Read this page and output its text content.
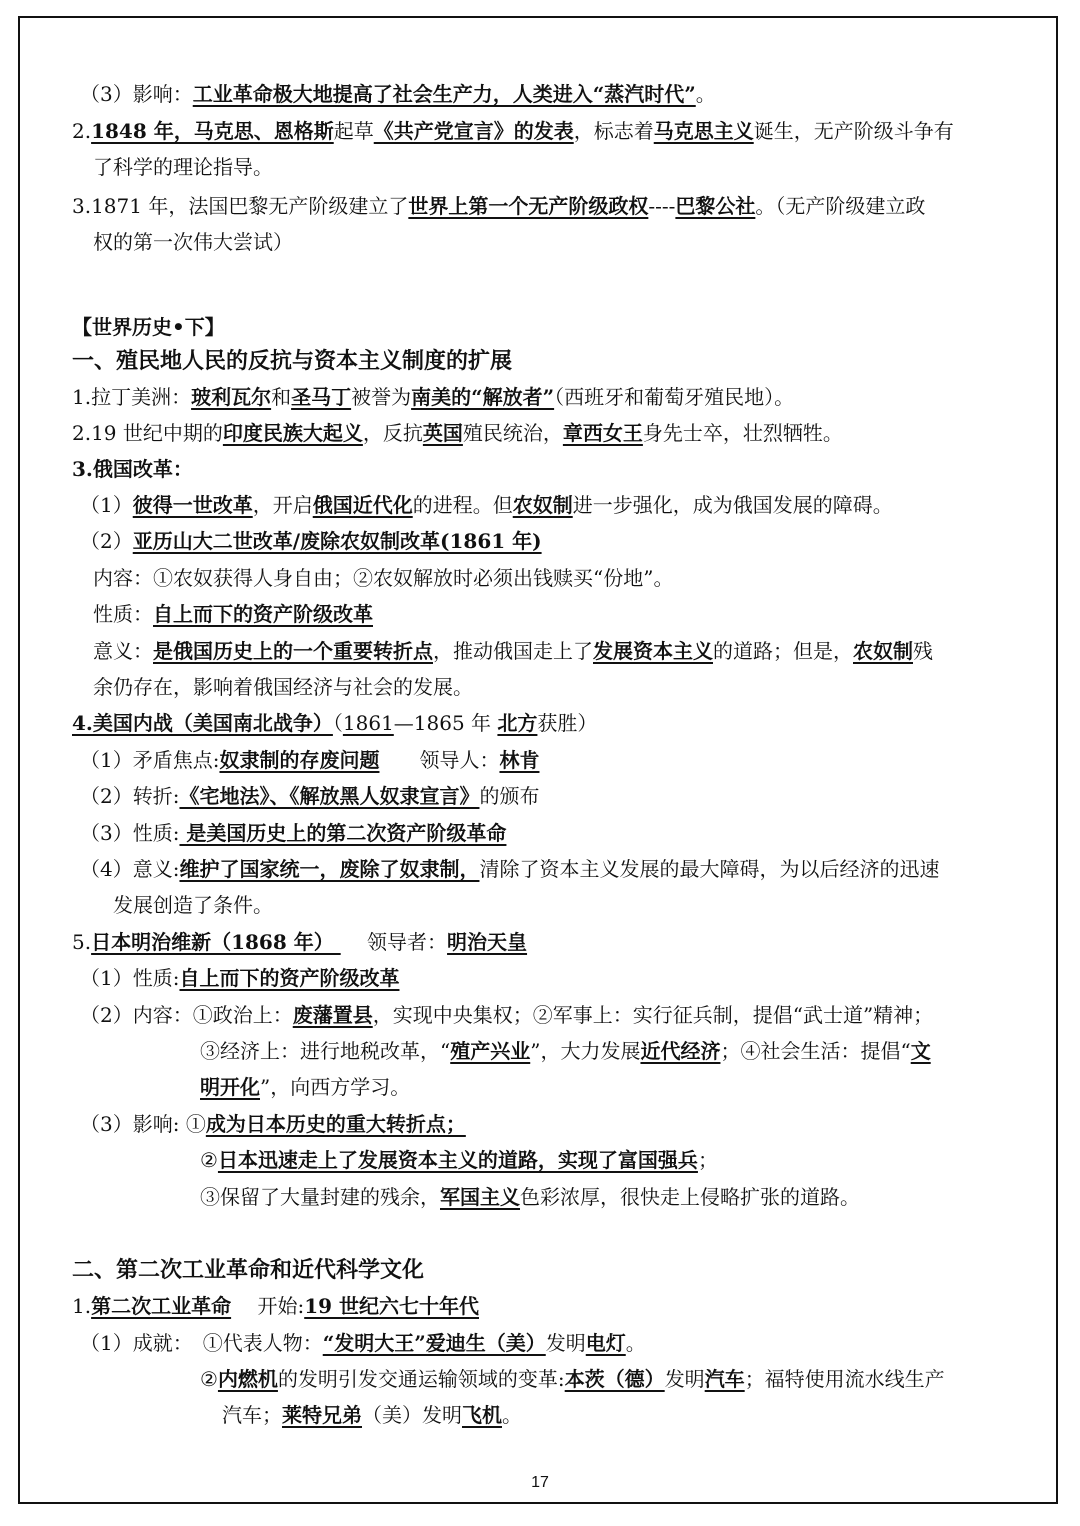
（3）影响：工业革命极大地提高了社会生产力，人类进入“蒸汽时代”。
2.1848 年，马克思、恩格斯起草《共产党宣言》的发表，标志着马克思主义诞生，无产阶级斗争有
了科学的理论指导。
3.1871 年，法国巴黎无产阶级建立了世界上第一个无产阶级政权----巴黎公社。（无产阶级建立政
权的第一次伟大尝试）
【世界历史•下】
一、殖民地人民的反抗与资本主义制度的扩展
1.拉丁美洲：玻利瓦尔和圣马丁被誉为南美的“解放者”（西班牙和葡萄牙殖民地）。
2.19 世纪中期的印度民族大起义，反抗英国殖民统治，章西女王身先士卒，壮烈牺牲。
3.俄国改革：
（1）彼得一世改革，开启俄国近代化的进程。但农奴制进一步强化，成为俄国发展的障碍。
（2）亚历山大二世改革/废除农奴制改革(1861 年)
内容：①农奴获得人身自由；②农奴解放时必须出钱赎买“份地”。
性质：自上而下的资产阶级改革
意义：是俄国历史上的一个重要转折点，推动俄国走上了发展资本主义的道路；但是，农奴制残
余仍存在，影响着俄国经济与社会的发展。
4.美国内战（美国南北战争）（1861—1865 年 北方获胜）
（1）矛盾焦点:奴隶制的存废问题　　领导人：林肯
（2）转折:《宅地法》、《解放黑人奴隶宣言》的颁布
（3）性质: 是美国历史上的第二次资产阶级革命
（4）意义:维护了国家统一，废除了奴隶制，清除了资本主义发展的最大障碍，为以后经济的迅速
发展创造了条件。
5.日本明治维新（1868 年） 　 领导者：明治天皇
（1）性质:自上而下的资产阶级改革
（2）内容：①政治上：废藩置县，实现中央集权；②军事上：实行征兵制，提倡“武士道”精神；
③经济上：进行地税改革，“殖产兴业”，大力发展近代经济；④社会生活：提倡“文
明开化”，向西方学习。
（3）影响: ①成为日本历史的重大转折点；
②日本迅速走上了发展资本主义的道路，实现了富国强兵；
③保留了大量封建的残余，军国主义色彩浓厚，很快走上侵略扩张的道路。
二、第二次工业革命和近代科学文化
1.第二次工业革命　 开始:19 世纪六七十年代
（1）成就：　①代表人物：“发明大王”爱迪生（美）发明电灯。
②内燃机的发明引发交通运输领域的变革:本茨（德）发明汽车；福特使用流水线生产
汽车；莱特兄弟（美）发明飞机。
17
